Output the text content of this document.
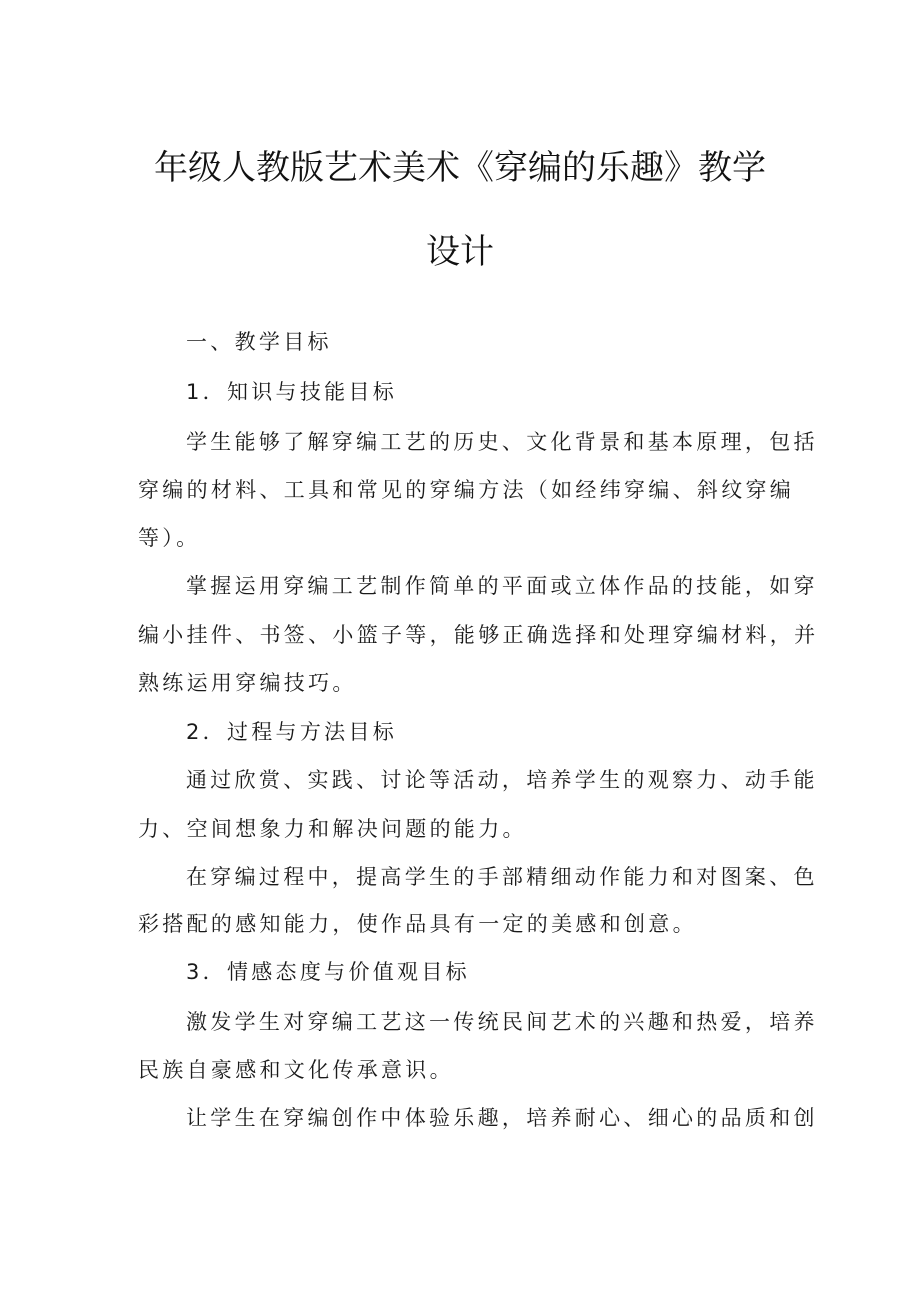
年级人教版艺术美术《穿编的乐趣》教学
设计
一、教学目标
1．知识与技能目标
学生能够了解穿编工艺的历史、文化背景和基本原理，包括
穿编的材料、工具和常见的穿编方法（如经纬穿编、斜纹穿编
等）。
掌握运用穿编工艺制作简单的平面或立体作品的技能，如穿
编小挂件、书签、小篮子等，能够正确选择和处理穿编材料，并
熟练运用穿编技巧。
2．过程与方法目标
通过欣赏、实践、讨论等活动，培养学生的观察力、动手能
力、空间想象力和解决问题的能力。
在穿编过程中，提高学生的手部精细动作能力和对图案、色
彩搭配的感知能力，使作品具有一定的美感和创意。
3．情感态度与价值观目标
激发学生对穿编工艺这一传统民间艺术的兴趣和热爱，培养
民族自豪感和文化传承意识。
让学生在穿编创作中体验乐趣，培养耐心、细心的品质和创
